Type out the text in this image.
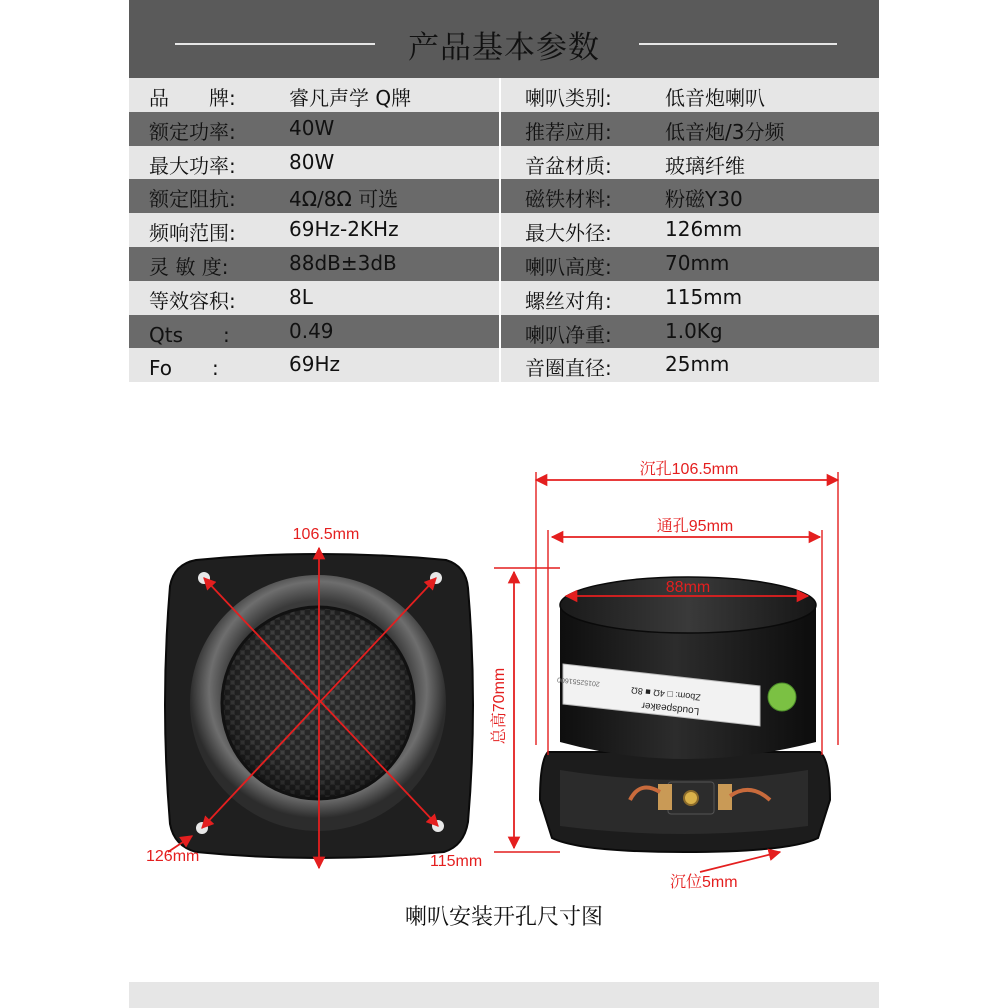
产品基本参数
品　　牌:	睿凡声学 Q牌	喇叭类别:	低音炮喇叭
额定功率:	40W	推荐应用:	低音炮/3分频
最大功率:	80W	音盆材质:	玻璃纤维
额定阻抗:	4Ω/8Ω 可选	磁铁材料:	粉磁Y30
频响范围:	69Hz-2KHz	最大外径:	126mm
灵 敏 度:	88dB±3dB	喇叭高度:	70mm
等效容积:	8L	螺丝对角:	115mm
Qts　　:	0.49	喇叭净重:	1.0Kg
Fo　　:	69Hz	音圈直径:	25mm
106.5mm
126mm	115mm
Loudspeaker
Zbom: □ 4Ω ■ 8Ω
20152551600
沉孔106.5mm
通孔95mm
88mm
总高70mm
沉位5mm
喇叭安装开孔尺寸图
